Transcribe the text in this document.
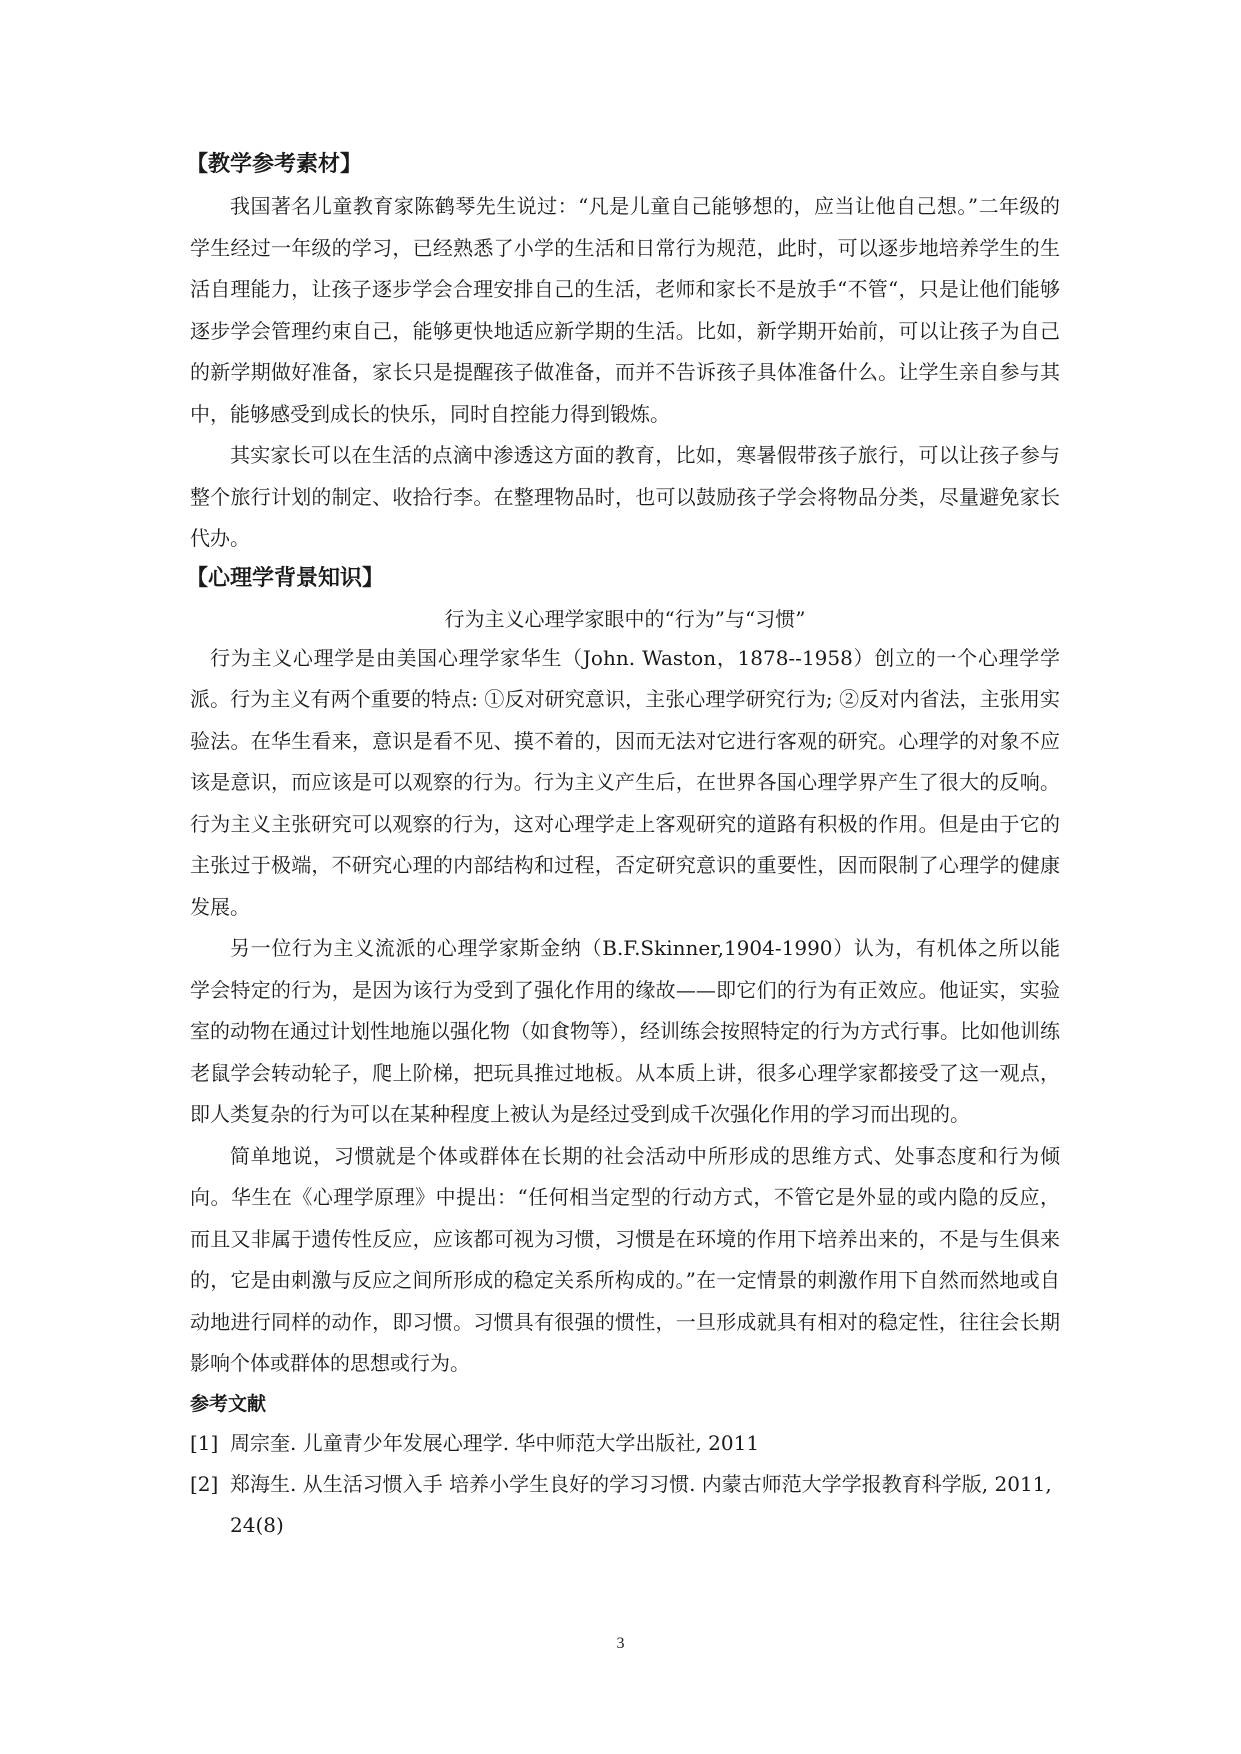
【教学参考素材】

我国著名儿童教育家陈鹤琴先生说过：“凡是儿童自己能够想的，应当让他自己想。”二年级的学生经过一年级的学习，已经熟悉了小学的生活和日常行为规范，此时，可以逐步地培养学生的生活自理能力，让孩子逐步学会合理安排自己的生活，老师和家长不是放手“不管“，只是让他们能够逐步学会管理约束自己，能够更快地适应新学期的生活。比如，新学期开始前，可以让孩子为自己的新学期做好准备，家长只是提醒孩子做准备，而并不告诉孩子具体准备什么。让学生亲自参与其中，能够感受到成长的快乐，同时自控能力得到锻炼。

其实家长可以在生活的点滴中渗透这方面的教育，比如，寒暑假带孩子旅行，可以让孩子参与整个旅行计划的制定、收拾行李。在整理物品时，也可以鼓励孩子学会将物品分类，尽量避免家长代办。

【心理学背景知识】

行为主义心理学家眼中的“行为”与“习惯”

行为主义心理学是由美国心理学家华生（John. Waston，1878--1958）创立的一个心理学学派。行为主义有两个重要的特点: ①反对研究意识，主张心理学研究行为; ②反对内省法，主张用实验法。在华生看来，意识是看不见、摸不着的，因而无法对它进行客观的研究。心理学的对象不应该是意识，而应该是可以观察的行为。行为主义产生后，在世界各国心理学界产生了很大的反响。行为主义主张研究可以观察的行为，这对心理学走上客观研究的道路有积极的作用。但是由于它的主张过于极端，不研究心理的内部结构和过程，否定研究意识的重要性，因而限制了心理学的健康发展。

另一位行为主义流派的心理学家斯金纳（B.F.Skinner,1904-1990）认为，有机体之所以能学会特定的行为，是因为该行为受到了强化作用的缘故——即它们的行为有正效应。他证实，实验室的动物在通过计划性地施以强化物（如食物等），经训练会按照特定的行为方式行事。比如他训练老鼠学会转动轮子，爬上阶梯，把玩具推过地板。从本质上讲，很多心理学家都接受了这一观点，即人类复杂的行为可以在某种程度上被认为是经过受到成千次强化作用的学习而出现的。

简单地说，习惯就是个体或群体在长期的社会活动中所形成的思维方式、处事态度和行为倾向。华生在《心理学原理》中提出：“任何相当定型的行动方式，不管它是外显的或内隐的反应，而且又非属于遗传性反应，应该都可视为习惯，习惯是在环境的作用下培养出来的，不是与生俱来的，它是由刺激与反应之间所形成的稳定关系所构成的。”在一定情景的刺激作用下自然而然地或自动地进行同样的动作，即习惯。习惯具有很强的惯性，一旦形成就具有相对的稳定性，往往会长期影响个体或群体的思想或行为。

参考文献
[1] 周宗奎. 儿童青少年发展心理学. 华中师范大学出版社, 2011
[2] 郑海生. 从生活习惯入手 培养小学生良好的学习习惯. 内蒙古师范大学学报教育科学版, 2011, 24(8)
3
